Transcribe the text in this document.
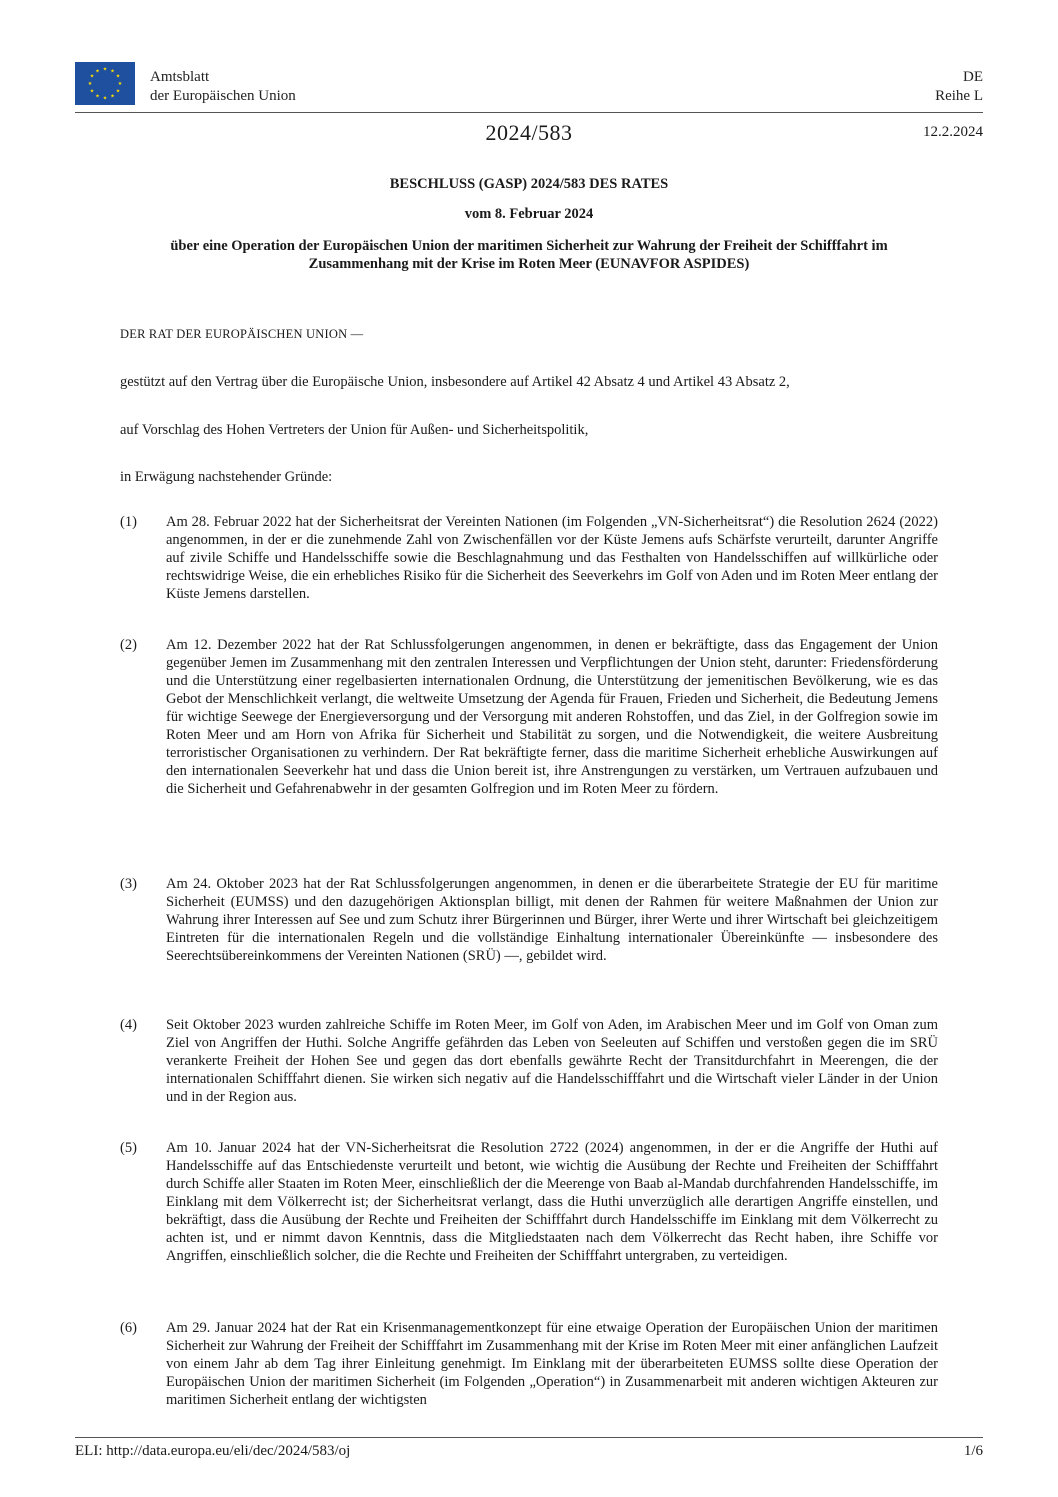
★ ★
★
★
★
★
★
★
★
★
★
★	Amtsblatt
der Europäischen Union
DE
Reihe L
2024/583	12.2.2024

BESCHLUSS (GASP) 2024/583 DES RATES

vom 8. Februar 2024

über eine Operation der Europäischen Union der maritimen Sicherheit zur Wahrung der Freiheit der Schifffahrt im Zusammenhang mit der Krise im Roten Meer (EUNAVFOR ASPIDES)

DER RAT DER EUROPÄISCHEN UNION —
gestützt auf den Vertrag über die Europäische Union, insbesondere auf Artikel 42 Absatz 4 und Artikel 43 Absatz 2,
auf Vorschlag des Hohen Vertreters der Union für Außen- und Sicherheitspolitik,
in Erwägung nachstehender Gründe:
(1)	Am 28. Februar 2022 hat der Sicherheitsrat der Vereinten Nationen (im Folgenden „VN-Sicherheitsrat“) die Resolution 2624 (2022) angenommen, in der er die zunehmende Zahl von Zwischenfällen vor der Küste Jemens aufs Schärfste verurteilt, darunter Angriffe auf zivile Schiffe und Handelsschiffe sowie die Beschlagnahmung und das Festhalten von Handelsschiffen auf willkürliche oder rechtswidrige Weise, die ein erhebliches Risiko für die Sicherheit des Seeverkehrs im Golf von Aden und im Roten Meer entlang der Küste Jemens darstellen.
(2)	Am 12. Dezember 2022 hat der Rat Schlussfolgerungen angenommen, in denen er bekräftigte, dass das Engagement der Union gegenüber Jemen im Zusammenhang mit den zentralen Interessen und Verpflichtungen der Union steht, darunter: Friedensförderung und die Unterstützung einer regelbasierten internationalen Ordnung, die Unterstützung der jemenitischen Bevölkerung, wie es das Gebot der Menschlichkeit verlangt, die weltweite Umsetzung der Agenda für Frauen, Frieden und Sicherheit, die Bedeutung Jemens für wichtige Seewege der Energieversorgung und der Versorgung mit anderen Rohstoffen, und das Ziel, in der Golfregion sowie im Roten Meer und am Horn von Afrika für Sicherheit und Stabilität zu sorgen, und die Notwendigkeit, die weitere Ausbreitung terroristischer Organisationen zu verhindern. Der Rat bekräftigte ferner, dass die maritime Sicherheit erhebliche Auswirkungen auf den internationalen Seeverkehr hat und dass die Union bereit ist, ihre Anstrengungen zu verstärken, um Vertrauen aufzubauen und die Sicherheit und Gefahrenabwehr in der gesamten Golfregion und im Roten Meer zu fördern.
(3)	Am 24. Oktober 2023 hat der Rat Schlussfolgerungen angenommen, in denen er die überarbeitete Strategie der EU für maritime Sicherheit (EUMSS) und den dazugehörigen Aktionsplan billigt, mit denen der Rahmen für weitere Maßnahmen der Union zur Wahrung ihrer Interessen auf See und zum Schutz ihrer Bürgerinnen und Bürger, ihrer Werte und ihrer Wirtschaft bei gleichzeitigem Eintreten für die internationalen Regeln und die vollständige Einhaltung internationaler Übereinkünfte — insbesondere des Seerechtsübereinkommens der Vereinten Nationen (SRÜ) —, gebildet wird.
(4)	Seit Oktober 2023 wurden zahlreiche Schiffe im Roten Meer, im Golf von Aden, im Arabischen Meer und im Golf von Oman zum Ziel von Angriffen der Huthi. Solche Angriffe gefährden das Leben von Seeleuten auf Schiffen und verstoßen gegen die im SRÜ verankerte Freiheit der Hohen See und gegen das dort ebenfalls gewährte Recht der Transitdurchfahrt in Meerengen, die der internationalen Schifffahrt dienen. Sie wirken sich negativ auf die Handelsschifffahrt und die Wirtschaft vieler Länder in der Union und in der Region aus.
(5)	Am 10. Januar 2024 hat der VN-Sicherheitsrat die Resolution 2722 (2024) angenommen, in der er die Angriffe der Huthi auf Handelsschiffe auf das Entschiedenste verurteilt und betont, wie wichtig die Ausübung der Rechte und Freiheiten der Schifffahrt durch Schiffe aller Staaten im Roten Meer, einschließlich der die Meerenge von Baab al-Mandab durchfahrenden Handelsschiffe, im Einklang mit dem Völkerrecht ist; der Sicherheitsrat verlangt, dass die Huthi unverzüglich alle derartigen Angriffe einstellen, und bekräftigt, dass die Ausübung der Rechte und Freiheiten der Schifffahrt durch Handelsschiffe im Einklang mit dem Völkerrecht zu achten ist, und er nimmt davon Kenntnis, dass die Mitgliedstaaten nach dem Völkerrecht das Recht haben, ihre Schiffe vor Angriffen, einschließlich solcher, die die Rechte und Freiheiten der Schifffahrt untergraben, zu verteidigen.
(6)	Am 29. Januar 2024 hat der Rat ein Krisenmanagementkonzept für eine etwaige Operation der Europäischen Union der maritimen Sicherheit zur Wahrung der Freiheit der Schifffahrt im Zusammenhang mit der Krise im Roten Meer mit einer anfänglichen Laufzeit von einem Jahr ab dem Tag ihrer Einleitung genehmigt. Im Einklang mit der überarbeiteten EUMSS sollte diese Operation der Europäischen Union der maritimen Sicherheit (im Folgenden „Operation“) in Zusammenarbeit mit anderen wichtigen Akteuren zur maritimen Sicherheit entlang der wichtigsten
ELI: http://data.europa.eu/eli/dec/2024/583/oj	1/6
